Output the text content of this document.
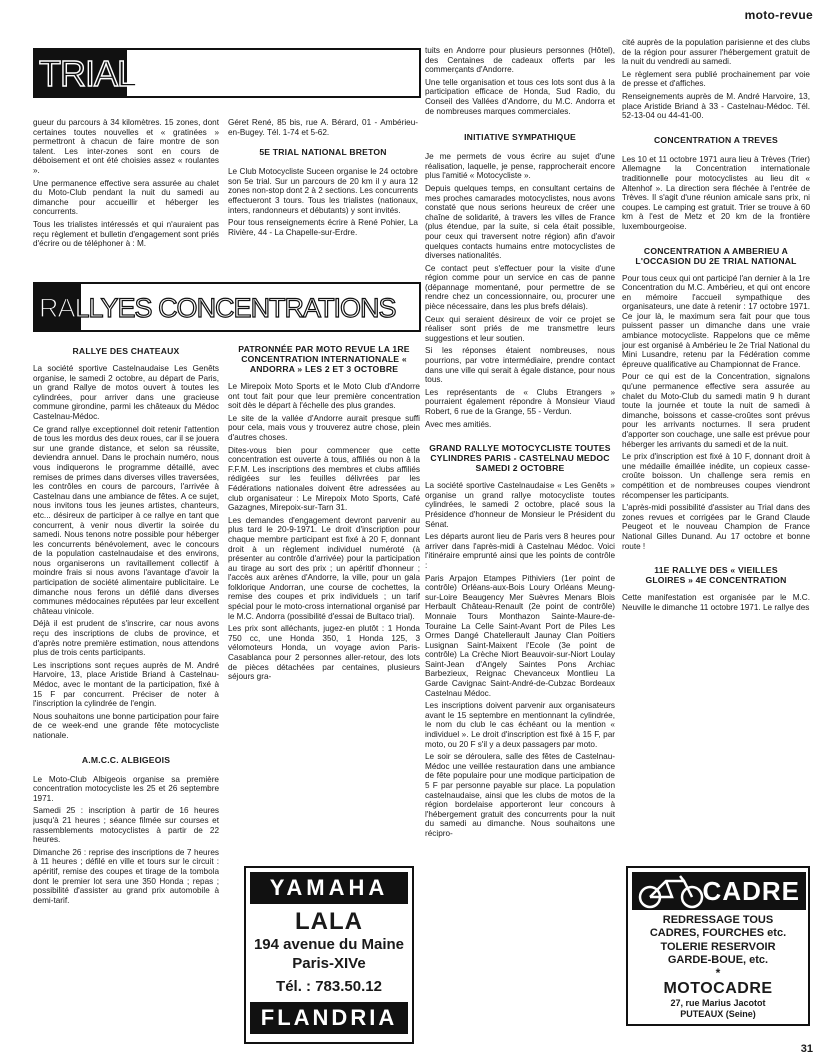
moto-revue
TRIAL

gueur du parcours à 34 kilomètres. 15 zones, dont certaines toutes nouvelles et « gratinées » permettront à chacun de faire montre de son talent. Les inter-zones sont en cours de déboisement et ont été choisies assez « roulantes ».

Une permanence effective sera assurée au chalet du Moto-Club pendant la nuit du samedi au dimanche pour accueillir et héberger les concurrents.

Tous les trialistes intéressés et qui n'auraient pas reçu règlement et bulletin d'engagement sont priés d'écrire ou de téléphoner à : M.

Géret René, 85 bis, rue A. Bérard, 01 - Ambérieu-en-Bugey. Tél. 1-74 et 5-62.

5E TRIAL NATIONAL BRETON

Le Club Motocycliste Suceen organise le 24 octobre son 5e trial. Sur un parcours de 20 km il y aura 12 zones non-stop dont 2 à 2 sections. Les concurrents effectueront 3 tours. Tous les trialistes (nationaux, inters, randonneurs et débutants) y sont invités.

Pour tous renseignements écrire à René Pohier, La Rivière, 44 - La Chapelle-sur-Erdre.

RALLYES CONCENTRATIONS
RALLYE DES CHATEAUX

La société sportive Castelnaudaise Les Genêts organise, le samedi 2 octobre, au départ de Paris, un grand Rallye de motos ouvert à toutes les cylindrées, pour arriver dans une gracieuse commune girondine, parmi les châteaux du Médoc Castelnau-Médoc.

Ce grand rallye exceptionnel doit retenir l'attention de tous les mordus des deux roues, car il se jouera sur une grande distance, et selon sa réussite, deviendra annuel. Dans le prochain numéro, nous vous indiquerons le programme détaillé, avec remises de primes dans diverses villes traversées, les contrôles en cours de parcours, l'arrivée à Castelnau dans une ambiance de fêtes. A ce sujet, nous invitons tous les jeunes artistes, chanteurs, etc... désireux de participer à ce rallye en tant que concurrent, à venir nous divertir la soirée du samedi. Nous tenons notre possible pour héberger les concurrents bénévolement, avec le concours de la population castelnaudaise et des environs, nous organiserons un ravitaillement collectif à moindre frais si nous avons l'avantage d'avoir la participation de société alimentaire publicitaire. Le dimanche nous ferons un défilé dans diverses communes médocaines réputées par leur excellent château vinicole.

Déjà il est prudent de s'inscrire, car nous avons reçu des inscriptions de clubs de province, et d'après notre première estimation, nous attendons plus de trois cents participants.

Les inscriptions sont reçues auprès de M. André Harvoire, 13, place Aristide Briand à Castelnau-Médoc, avec le montant de la participation, fixé à 15 F par concurrent. Préciser de noter à l'inscription la cylindrée de l'engin.

Nous souhaitons une bonne participation pour faire de ce week-end une grande fête motocycliste nationale.

A.M.C.C. ALBIGEOIS

Le Moto-Club Albigeois organise sa première concentration motocycliste les 25 et 26 septembre 1971.

Samedi 25 : inscription à partir de 16 heures jusqu'à 21 heures ; séance filmée sur courses et rassemblements motocyclistes à partir de 22 heures.

Dimanche 26 : reprise des inscriptions de 7 heures à 11 heures ; défilé en ville et tours sur le circuit : apéritif, remise des coupes et tirage de la tombola dont le premier lot sera une 350 Honda ; repas ; possibilité d'assister au grand prix automobile à demi-tarif.

PATRONNÉE PAR MOTO REVUE LA 1RE CONCENTRATION INTERNATIONALE « ANDORRA » LES 2 ET 3 OCTOBRE

Le Mirepoix Moto Sports et le Moto Club d'Andorre ont tout fait pour que leur première concentration soit dès le départ à l'échelle des plus grandes.

Le site de la vallée d'Andorre aurait presque suffi pour cela, mais vous y trouverez autre chose, plein d'autres choses.

Dites-vous bien pour commencer que cette concentration est ouverte à tous, affiliés ou non à la F.F.M. Les inscriptions des membres et clubs affiliés rédigées sur les feuilles délivrées par les Fédérations nationales doivent être adressées au club organisateur : Le Mirepoix Moto Sports, Café Gazagnes, Mirepoix-sur-Tarn 31.

Les demandes d'engagement devront parvenir au plus tard le 20-9-1971. Le droit d'inscription pour chaque membre participant est fixé à 20 F, donnant droit à un règlement individuel numéroté (à présenter au contrôle d'arrivée) pour la participation au tirage au sort des prix ; un apéritif d'honneur ; l'accès aux arènes d'Andorre, la ville, pour un gala folklorique Andorran, une course de cochettes, la remise des coupes et prix individuels ; un tarif spécial pour le moto-cross international organisé par le M.C. Andorra (possibilité d'essai de Bultaco trial).

Les prix sont alléchants, jugez-en plutôt : 1 Honda 750 cc, une Honda 350, 1 Honda 125, 3 vélomoteurs Honda, un voyage avion Paris-Casablanca pour 2 personnes aller-retour, des lots de pièces détachées par centaines, plusieurs séjours gra-

YAMAHA
LALA
194 avenue du Maine
Paris-XIVe
Tél. : 783.50.12
FLANDRIA

tuits en Andorre pour plusieurs personnes (Hôtel), des Centaines de cadeaux offerts par les commerçants d'Andorre.

Une telle organisation et tous ces lots sont dus à la participation efficace de Honda, Sud Radio, du Conseil des Vallées d'Andorre, du M.C. Andorra et de nombreuses marques commerciales.

INITIATIVE SYMPATHIQUE

Je me permets de vous écrire au sujet d'une réalisation, laquelle, je pense, rapprocherait encore plus l'amitié « Motocycliste ».

Depuis quelques temps, en consultant certains de mes proches camarades motocyclistes, nous avons constaté que nous serions heureux de créer une chaîne de solidarité, à travers les villes de France (plus étendue, par la suite, si cela était possible, pour ceux qui traversent notre région) afin d'avoir quelques contacts humains entre motocyclistes de diverses nationalités.

Ce contact peut s'effectuer pour la visite d'une région comme pour un service en cas de panne (dépannage momentané, pour permettre de se rendre chez un concessionnaire, ou, procurer une pièce nécessaire, dans les plus brefs délais).

Ceux qui seraient désireux de voir ce projet se réaliser sont priés de me transmettre leurs suggestions et leur soutien.

Si les réponses étaient nombreuses, nous pourrions, par votre intermédiaire, prendre contact dans une ville qui serait à égale distance, pour nous tous.

Les représentants de « Clubs Etrangers » pourraient également répondre à Monsieur Viaud Robert, 6 rue de la Grange, 55 - Verdun.

Avec mes amitiés.

GRAND RALLYE MOTOCYCLISTE TOUTES CYLINDRES PARIS - CASTELNAU MEDOC SAMEDI 2 OCTOBRE

La société sportive Castelnaudaise « Les Genêts » organise un grand rallye motocycliste toutes cylindrées, le samedi 2 octobre, placé sous la Présidence d'honneur de Monsieur le Président du Sénat.

Les départs auront lieu de Paris vers 8 heures pour arriver dans l'après-midi à Castelnau Médoc. Voici l'itinéraire emprunté ainsi que les points de contrôle :

Paris Arpajon Etampes Pithiviers (1er point de contrôle) Orléans-aux-Bois Loury Orléans Meung-sur-Loire Beaugency Mer Suèvres Menars Blois Herbault Château-Renault (2e point de contrôle) Monnaie Tours Monthazon Sainte-Maure-de-Touraine La Celle Saint-Avant Port de Piles Les Ormes Dangé Chatellerault Jaunay Clan Poitiers Lusignan Saint-Maixent l'Ecole (3e point de contrôle) La Crèche Niort Beauvoir-sur-Niort Loulay Saint-Jean d'Angely Saintes Pons Archiac Barbezieux, Reignac Chevanceux Montlieu La Garde Cavignac Saint-André-de-Cubzac Bordeaux Castelnau Médoc.

Les inscriptions doivent parvenir aux organisateurs avant le 15 septembre en mentionnant la cylindrée, le nom du club le cas échéant ou la mention « individuel ». Le droit d'inscription est fixé à 15 F, par moto, ou 20 F s'il y a deux passagers par moto.

Le soir se déroulera, salle des fêtes de Castelnau-Médoc une veillée restauration dans une ambiance de fête populaire pour une modique participation de 5 F par personne payable sur place. La population castelnaudaise, ainsi que les clubs de motos de la région bordelaise apporteront leur concours à l'hébergement gratuit des concurrents pour la nuit du samedi au dimanche. Nous souhaitons une récipro-

cité auprès de la population parisienne et des clubs de la région pour assurer l'hébergement gratuit de la nuit du vendredi au samedi.

Le règlement sera publié prochainement par voie de presse et d'affiches.

Renseignements auprès de M. André Harvoire, 13, place Aristide Briand à 33 - Castelnau-Médoc. Tél. 52-13-04 ou 44-41-00.

CONCENTRATION A TREVES

Les 10 et 11 octobre 1971 aura lieu à Trèves (Trier) Allemagne la Concentration internationale traditionnelle pour motocyclistes au lieu dit « Altenhof ». La direction sera fléchée à l'entrée de Trèves. Il s'agit d'une réunion amicale sans prix, ni coupes. Le camping est gratuit. Trier se trouve à 60 km à l'est de Metz et 20 km de la frontière luxembourgeoise.

CONCENTRATION A AMBERIEU A L'OCCASION DU 2E TRIAL NATIONAL

Pour tous ceux qui ont participé l'an dernier à la 1re Concentration du M.C. Ambérieu, et qui ont encore en mémoire l'accueil sympathique des organisateurs, une date à retenir : 17 octobre 1971. Ce jour là, le maximum sera fait pour que tous puissent passer un dimanche dans une vraie ambiance motocycliste. Rappelons que ce même jour est organisé à Ambérieu le 2e Trial National du Mini Lusandre, retenu par la Fédération comme épreuve qualificative au Championnat de France.

Pour ce qui est de la Concentration, signalons qu'une permanence effective sera assurée au chalet du Moto-Club du samedi matin 9 h durant toute la journée et toute la nuit de samedi à dimanche, boissons et casse-croûtes sont prévus pour les arrivants nocturnes. Il sera prudent d'apporter son couchage, une salle est prévue pour héberger les arrivants du samedi et de la nuit.

Le prix d'inscription est fixé à 10 F, donnant droit à une médaille émaillée inédite, un copieux casse-croûte boisson. Un challenge sera remis en compétition et de nombreuses coupes viendront récompenser les participants.

L'après-midi possibilité d'assister au Trial dans des zones revues et corrigées par le Grand Claude Peugeot et le nouveau Champion de France National Gilles Dunand. Au 17 octobre et bonne route !

11E RALLYE DES « VIEILLES GLOIRES » 4E CONCENTRATION

Cette manifestation est organisée par le M.C. Neuville le dimanche 11 octobre 1971. Le rallye des

CADRE
REDRESSAGE TOUS
CADRES, FOURCHES etc.
TOLERIE RESERVOIR
GARDE-BOUE, etc.
*
MOTOCADRE
27, rue Marius Jacotot
PUTEAUX (Seine)
31
